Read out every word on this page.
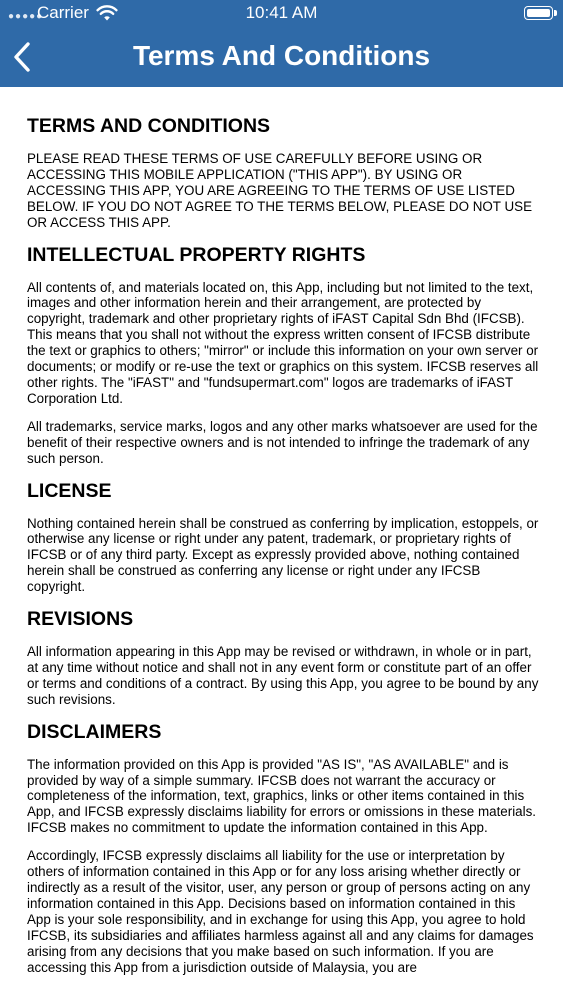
●●●●●
Carrier	10:41 AM
Terms And Conditions
TERMS AND CONDITIONS

PLEASE READ THESE TERMS OF USE CAREFULLY BEFORE USING OR ACCESSING THIS MOBILE APPLICATION ("THIS APP"). BY USING OR ACCESSING THIS APP, YOU ARE AGREEING TO THE TERMS OF USE LISTED BELOW. IF YOU DO NOT AGREE TO THE TERMS BELOW, PLEASE DO NOT USE OR ACCESS THIS APP.

INTELLECTUAL PROPERTY RIGHTS

All contents of, and materials located on, this App, including but not limited to the text, images and other information herein and their arrangement, are protected by copyright, trademark and other proprietary rights of iFAST Capital Sdn Bhd (IFCSB). This means that you shall not without the express written consent of IFCSB distribute the text or graphics to others; "mirror" or include this information on your own server or documents; or modify or re-use the text or graphics on this system. IFCSB reserves all other rights. The "iFAST" and "fundsupermart.com" logos are trademarks of iFAST Corporation Ltd.

All trademarks, service marks, logos and any other marks whatsoever are used for the benefit of their respective owners and is not intended to infringe the trademark of any such person.

LICENSE

Nothing contained herein shall be construed as conferring by implication, estoppels, or otherwise any license or right under any patent, trademark, or proprietary rights of IFCSB or of any third party. Except as expressly provided above, nothing contained herein shall be construed as conferring any license or right under any IFCSB copyright.

REVISIONS

All information appearing in this App may be revised or withdrawn, in whole or in part, at any time without notice and shall not in any event form or constitute part of an offer or terms and conditions of a contract. By using this App, you agree to be bound by any such revisions.

DISCLAIMERS

The information provided on this App is provided "AS IS", "AS AVAILABLE" and is provided by way of a simple summary. IFCSB does not warrant the accuracy or completeness of the information, text, graphics, links or other items contained in this App, and IFCSB expressly disclaims liability for errors or omissions in these materials. IFCSB makes no commitment to update the information contained in this App.

Accordingly, IFCSB expressly disclaims all liability for the use or interpretation by others of information contained in this App or for any loss arising whether directly or indirectly as a result of the visitor, user, any person or group of persons acting on any information contained in this App. Decisions based on information contained in this App is your sole responsibility, and in exchange for using this App, you agree to hold IFCSB, its subsidiaries and affiliates harmless against all and any claims for damages arising from any decisions that you make based on such information. If you are accessing this App from a jurisdiction outside of Malaysia, you are
